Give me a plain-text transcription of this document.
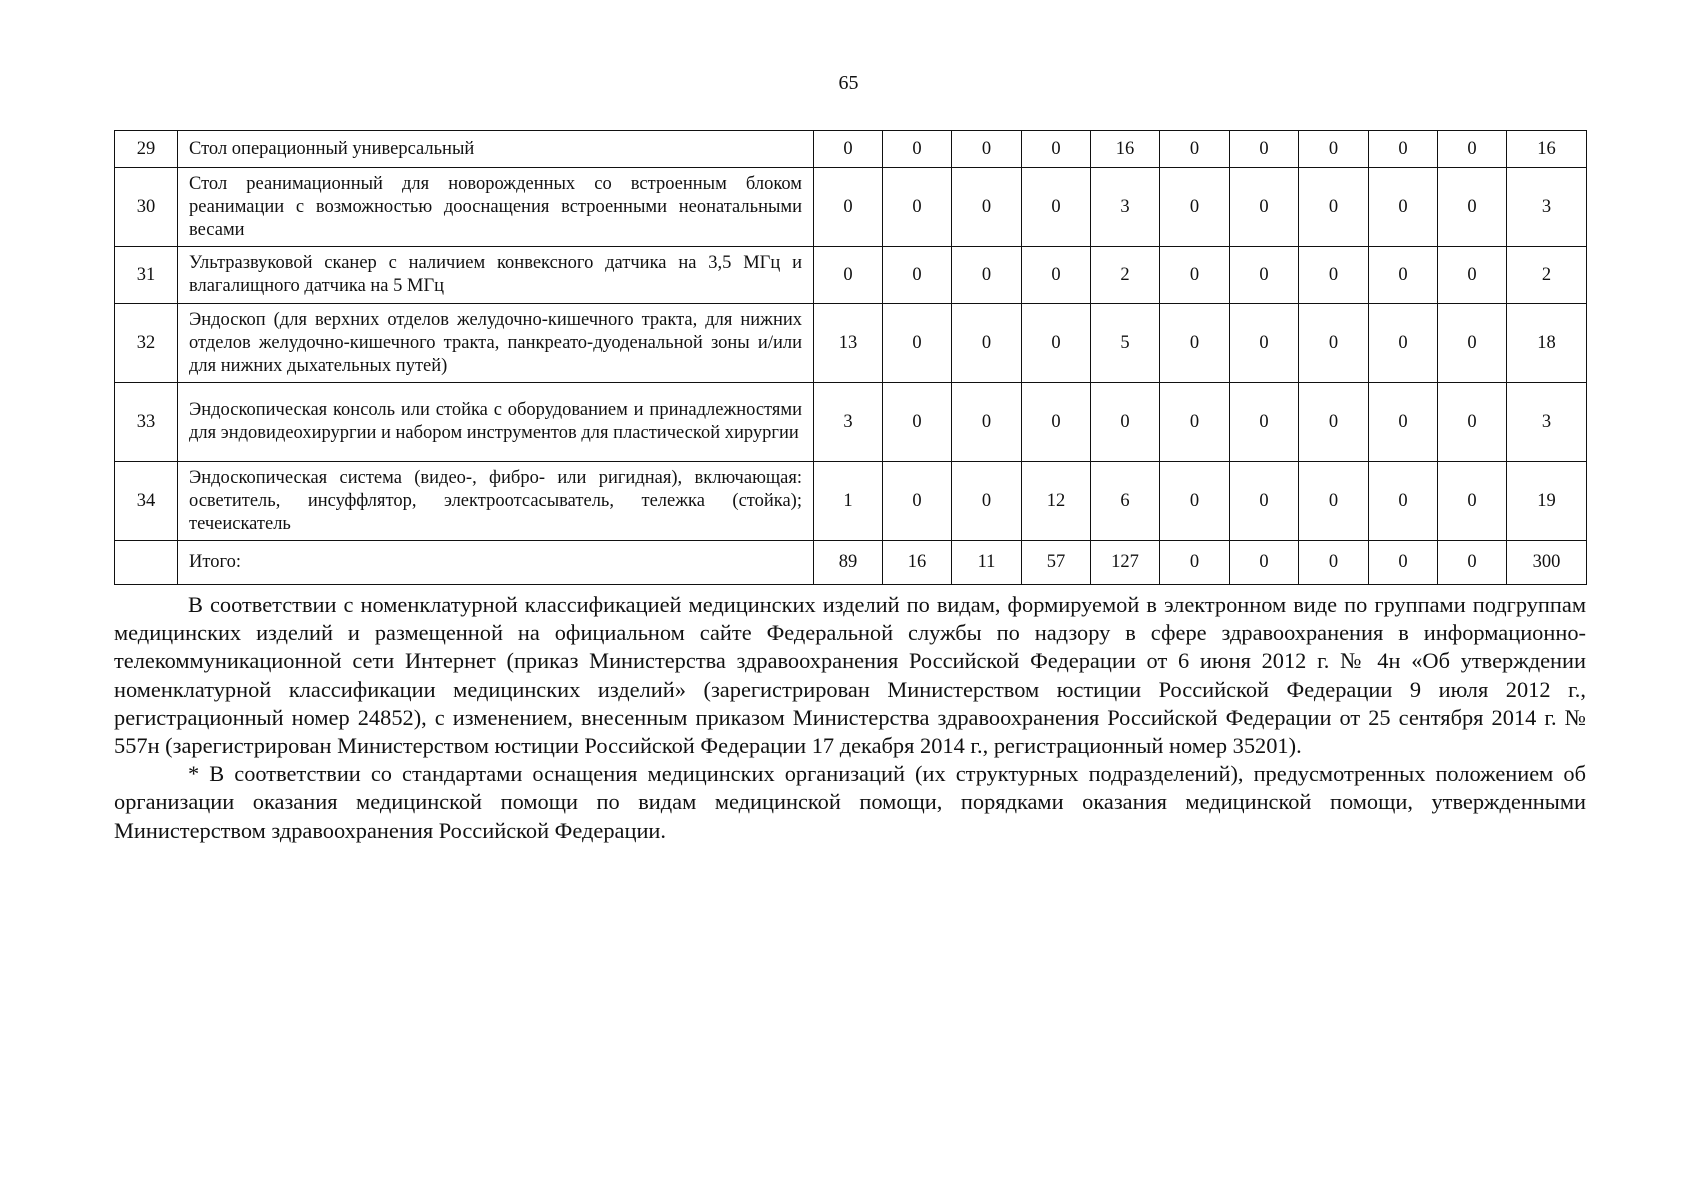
65
29	Стол операционный универсальный	0	0	0	0	16	0	0	0	0	0	16
30	Стол реанимационный для новорожденных со встроенным блоком реанимации с возможностью дооснащения встроенными неонатальными весами	0	0	0	0	3	0	0	0	0	0	3
31	Ультразвуковой сканер с наличием конвексного датчика на 3,5 МГц и влагалищного датчика на 5 МГц	0	0	0	0	2	0	0	0	0	0	2
32	Эндоскоп (для верхних отделов желудочно-кишечного тракта, для нижних отделов желудочно-кишечного тракта, панкреато-дуоденальной зоны и/или для нижних дыхательных путей)	13	0	0	0	5	0	0	0	0	0	18
33	Эндоскопическая консоль или стойка с оборудованием и принадлежностями для эндовидеохирургии и набором инструментов для пластической хирургии	3	0	0	0	0	0	0	0	0	0	3
34	Эндоскопическая система (видео-, фибро- или ригидная), включающая: осветитель, инсуффлятор, электроотсасыватель, тележка (стойка); течеискатель	1	0	0	12	6	0	0	0	0	0	19
	Итого:	89	16	11	57	127	0	0	0	0	0	300

В соответствии с номенклатурной классификацией медицинских изделий по видам, формируемой в электронном виде по группами подгруппам медицинских изделий и размещенной на официальном сайте Федеральной службы по надзору в сфере здравоохранения в информационно-телекоммуникационной сети Интернет (приказ Министерства здравоохранения Российской Федерации от 6 июня 2012 г. № 4н «Об утверждении номенклатурной классификации медицинских изделий» (зарегистрирован Министерством юстиции Российской Федерации 9 июля 2012 г., регистрационный номер 24852), с изменением, внесенным приказом Министерства здравоохранения Российской Федерации от 25 сентября 2014 г. № 557н (зарегистрирован Министерством юстиции Российской Федерации 17 декабря 2014 г., регистрационный номер 35201).

* В соответствии со стандартами оснащения медицинских организаций (их структурных подразделений), предусмотренных положением об организации оказания медицинской помощи по видам медицинской помощи, порядками оказания медицинской помощи, утвержденными Министерством здравоохранения Российской Федерации.
